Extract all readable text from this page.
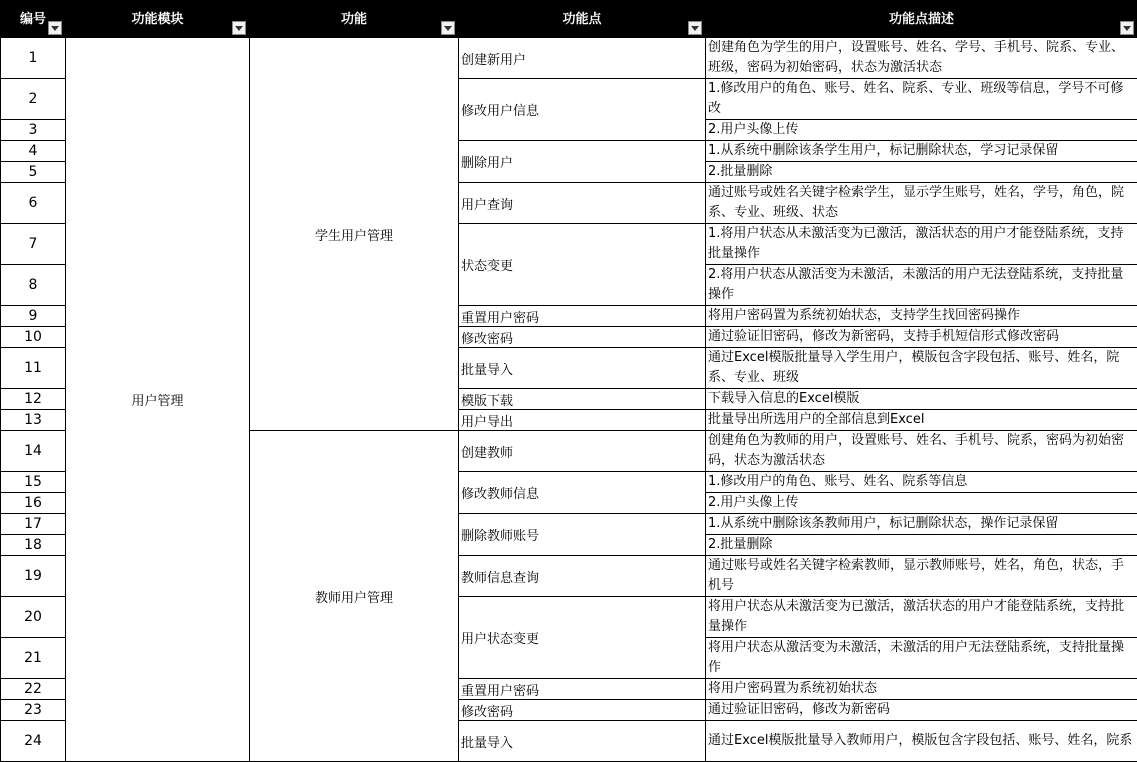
编号	功能模块	功能	功能点	功能点描述

1	用户管理	学生用户管理	创建新用户	创建角色为学生的用户，设置账号、姓名、学号、手机号、院系、专业、班级，密码为初始密码，状态为激活状态
2			修改用户信息	1.修改用户的角色、账号、姓名、院系、专业、班级等信息，学号不可修改
3				2.用户头像上传
4			删除用户	1.从系统中删除该条学生用户，标记删除状态，学习记录保留
5				2.批量删除
6			用户查询	通过账号或姓名关键字检索学生，显示学生账号，姓名，学号，角色，院系、专业、班级、状态
7			状态变更	1.将用户状态从未激活变为已激活，激活状态的用户才能登陆系统，支持批量操作
8				2.将用户状态从激活变为未激活，未激活的用户无法登陆系统，支持批量操作
9			重置用户密码	将用户密码置为系统初始状态，支持学生找回密码操作
10			修改密码	通过验证旧密码，修改为新密码，支持手机短信形式修改密码
11			批量导入	通过Excel模版批量导入学生用户，模版包含字段包括、账号、姓名，院系、专业、班级
12			模版下载	下载导入信息的Excel模版
13			用户导出	批量导出所选用户的全部信息到Excel
14		教师用户管理	创建教师	创建角色为教师的用户，设置账号、姓名、手机号、院系，密码为初始密码，状态为激活状态
15			修改教师信息	1.修改用户的角色、账号、姓名、院系等信息
16				2.用户头像上传
17			删除教师账号	1.从系统中删除该条教师用户，标记删除状态，操作记录保留
18				2.批量删除
19			教师信息查询	通过账号或姓名关键字检索教师，显示教师账号，姓名，角色，状态，手机号
20			用户状态变更	将用户状态从未激活变为已激活，激活状态的用户才能登陆系统，支持批量操作
21				将用户状态从激活变为未激活，未激活的用户无法登陆系统，支持批量操作
22			重置用户密码	将用户密码置为系统初始状态
23			修改密码	通过验证旧密码，修改为新密码
24			批量导入	通过Excel模版批量导入教师用户，模版包含字段包括、账号、姓名，院系
